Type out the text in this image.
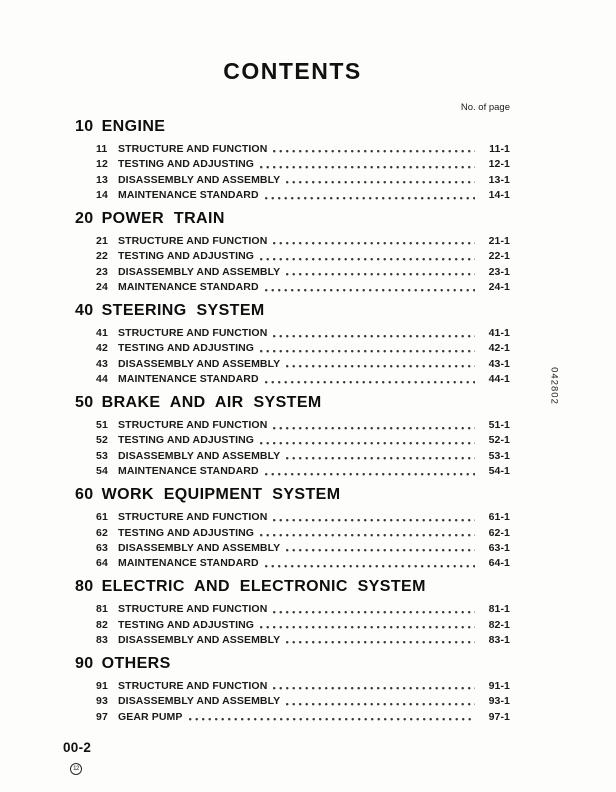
CONTENTS
No. of page
10 ENGINE
11	STRUCTURE AND FUNCTION	11-1
12 TESTING AND ADJUSTING	12-1
13 DISASSEMBLY AND ASSEMBLY	13-1
14 MAINTENANCE STANDARD	14-1
20 POWER TRAIN
21 STRUCTURE AND FUNCTION	21-1
22 TESTING AND ADJUSTING	22-1
23 DISASSEMBLY AND ASSEMBLY	23-1
24 MAINTENANCE STANDARD	24-1
40 STEERING SYSTEM
41 STRUCTURE AND FUNCTION	41-1
42 TESTING AND ADJUSTING	42-1
43 DISASSEMBLY AND ASSEMBLY	43-1
44 MAINTENANCE STANDARD	44-1
50 BRAKE AND AIR SYSTEM
51 STRUCTURE AND FUNCTION	51-1
52 TESTING AND ADJUSTING	52-1
53 DISASSEMBLY AND ASSEMBLY	53-1
54 MAINTENANCE STANDARD	54-1
60 WORK EQUIPMENT SYSTEM
61 STRUCTURE AND FUNCTION	61-1
62 TESTING AND ADJUSTING	62-1
63 DISASSEMBLY AND ASSEMBLY	63-1
64 MAINTENANCE STANDARD	64-1
80 ELECTRIC AND ELECTRONIC SYSTEM
81 STRUCTURE AND FUNCTION	81-1
82 TESTING AND ADJUSTING	82-1
83 DISASSEMBLY AND ASSEMBLY	83-1
90 OTHERS
91 STRUCTURE AND FUNCTION	91-1
93 DISASSEMBLY AND ASSEMBLY	93-1
97 GEAR PUMP	97-1
00-2
12
042802
